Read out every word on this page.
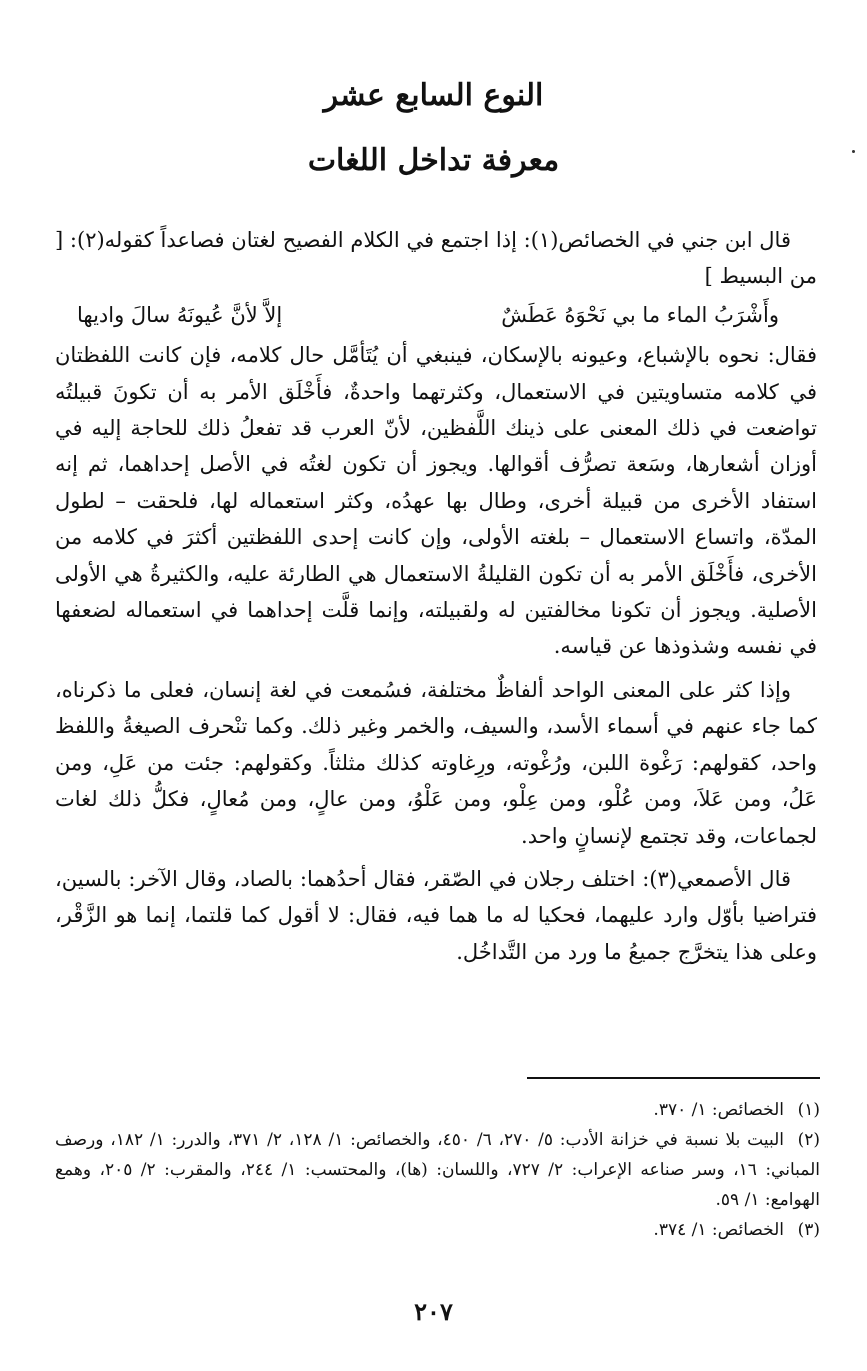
النوع السابع عشر
معرفة تداخل اللغات

قال ابن جني في الخصائص(١): إذا اجتمع في الكلام الفصيح لغتان فصاعداً كقوله(٢): [ من البسيط ]

وأَشْرَبُ الماء ما بي نَحْوَهُ عَطَشٌ
إلاَّ لأنَّ عُيونَهُ سالَ واديها

فقال: نحوه بالإشباع، وعيونه بالإسكان، فينبغي أن يُتَأمَّل حال كلامه، فإن كانت اللفظتان في كلامه متساويتين في الاستعمال، وكثرتهما واحدةٌ، فأَخْلَق الأمر به أن تكونَ قبيلتُه تواضعت في ذلك المعنى على ذينك اللَّفظين، لأنّ العرب قد تفعلُ ذلك للحاجة إليه في أوزان أشعارها، وسَعة تصرُّف أقوالها. ويجوز أن تكون لغتُه في الأصل إحداهما، ثم إنه استفاد الأخرى من قبيلة أخرى، وطال بها عهدُه، وكثر استعماله لها، فلحقت – لطول المدّة، واتساع الاستعمال – بلغته الأولى، وإن كانت إحدى اللفظتين أكثرَ في كلامه من الأخرى، فأَخْلَق الأمر به أن تكون القليلةُ الاستعمال هي الطارئة عليه، والكثيرةُ هي الأولى الأصلية. ويجوز أن تكونا مخالفتين له ولقبيلته، وإنما قلَّت إحداهما في استعماله لضعفها في نفسه وشذوذها عن قياسه.

وإذا كثر على المعنى الواحد ألفاظٌ مختلفة، فسُمعت في لغة إنسان، فعلى ما ذكرناه، كما جاء عنهم في أسماء الأسد، والسيف، والخمر وغير ذلك. وكما تنْحرف الصيغةُ واللفظ واحد، كقولهم: رَغْوة اللبن، ورُغْوته، ورِغاوته كذلك مثلثاً. وكقولهم: جئت من عَلِ، ومن عَلُ، ومن عَلاَ، ومن عُلْو، ومن عِلْو، ومن عَلْوُ، ومن عالٍ، ومن مُعالٍ، فكلُّ ذلك لغات لجماعات، وقد تجتمع لإنسانٍ واحد.

قال الأصمعي(٣): اختلف رجلان في الصّقر، فقال أحدُهما: بالصاد، وقال الآخر: بالسين، فتراضيا بأوّل وارد عليهما، فحكيا له ما هما فيه، فقال: لا أقول كما قلتما، إنما هو الزَّقْر، وعلى هذا يتخرَّج جميعُ ما ورد من التَّداخُل.

(١)الخصائص: ١/ ٣٧٠.

(٢)البيت بلا نسبة في خزانة الأدب: ٥/ ٢٧٠، ٦/ ٤٥٠، والخصائص: ١/ ١٢٨، ٢/ ٣٧١، والدرر: ١/ ١٨٢، ورصف المباني: ١٦، وسر صناعه الإعراب: ٢/ ٧٢٧، واللسان: (ها)، والمحتسب: ١/ ٢٤٤، والمقرب: ٢/ ٢٠٥، وهمع الهوامع: ١/ ٥٩.

(٣)الخصائص: ١/ ٣٧٤.

٢٠٧
